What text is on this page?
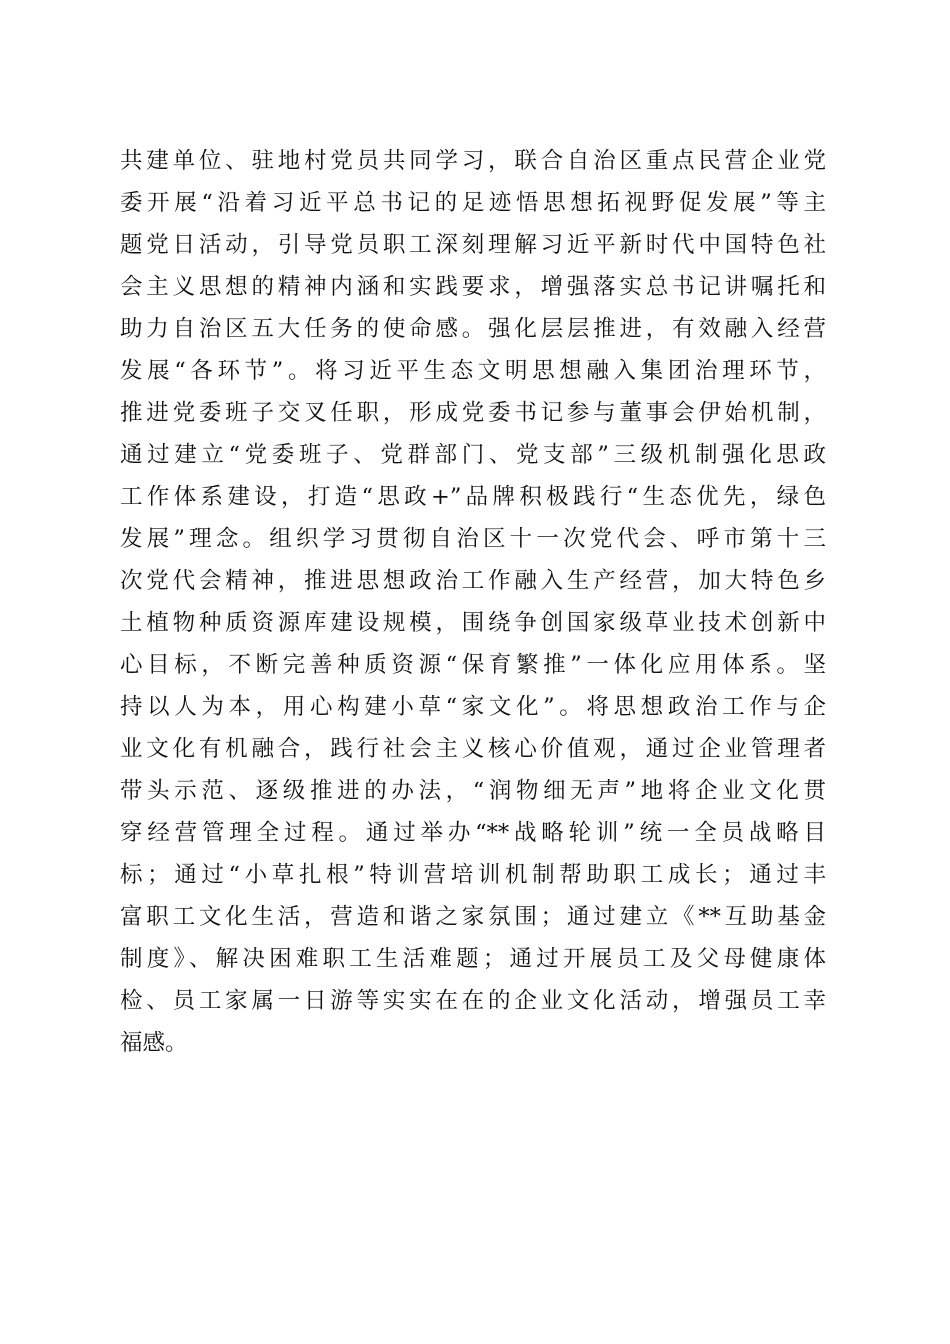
共建单位、驻地村党员共同学习，联合自治区重点民营企业党
委开展“沿着习近平总书记的足迹悟思想拓视野促发展”等主
题党日活动，引导党员职工深刻理解习近平新时代中国特色社
会主义思想的精神内涵和实践要求，增强落实总书记讲嘱托和
助力自治区五大任务的使命感。强化层层推进，有效融入经营
发展“各环节”。将习近平生态文明思想融入集团治理环节，
推进党委班子交叉任职，形成党委书记参与董事会伊始机制，
通过建立“党委班子、党群部门、党支部”三级机制强化思政
工作体系建设，打造“思政+”品牌积极践行“生态优先，绿色
发展”理念。组织学习贯彻自治区十一次党代会、呼市第十三
次党代会精神，推进思想政治工作融入生产经营，加大特色乡
土植物种质资源库建设规模，围绕争创国家级草业技术创新中
心目标，不断完善种质资源“保育繁推”一体化应用体系。坚
持以人为本，用心构建小草“家文化”。将思想政治工作与企
业文化有机融合，践行社会主义核心价值观，通过企业管理者
带头示范、逐级推进的办法，“润物细无声”地将企业文化贯
穿经营管理全过程。通过举办“**战略轮训”统一全员战略目
标；通过“小草扎根”特训营培训机制帮助职工成长；通过丰
富职工文化生活，营造和谐之家氛围；通过建立《**互助基金
制度》、解决困难职工生活难题；通过开展员工及父母健康体
检、员工家属一日游等实实在在的企业文化活动，增强员工幸
福感。
